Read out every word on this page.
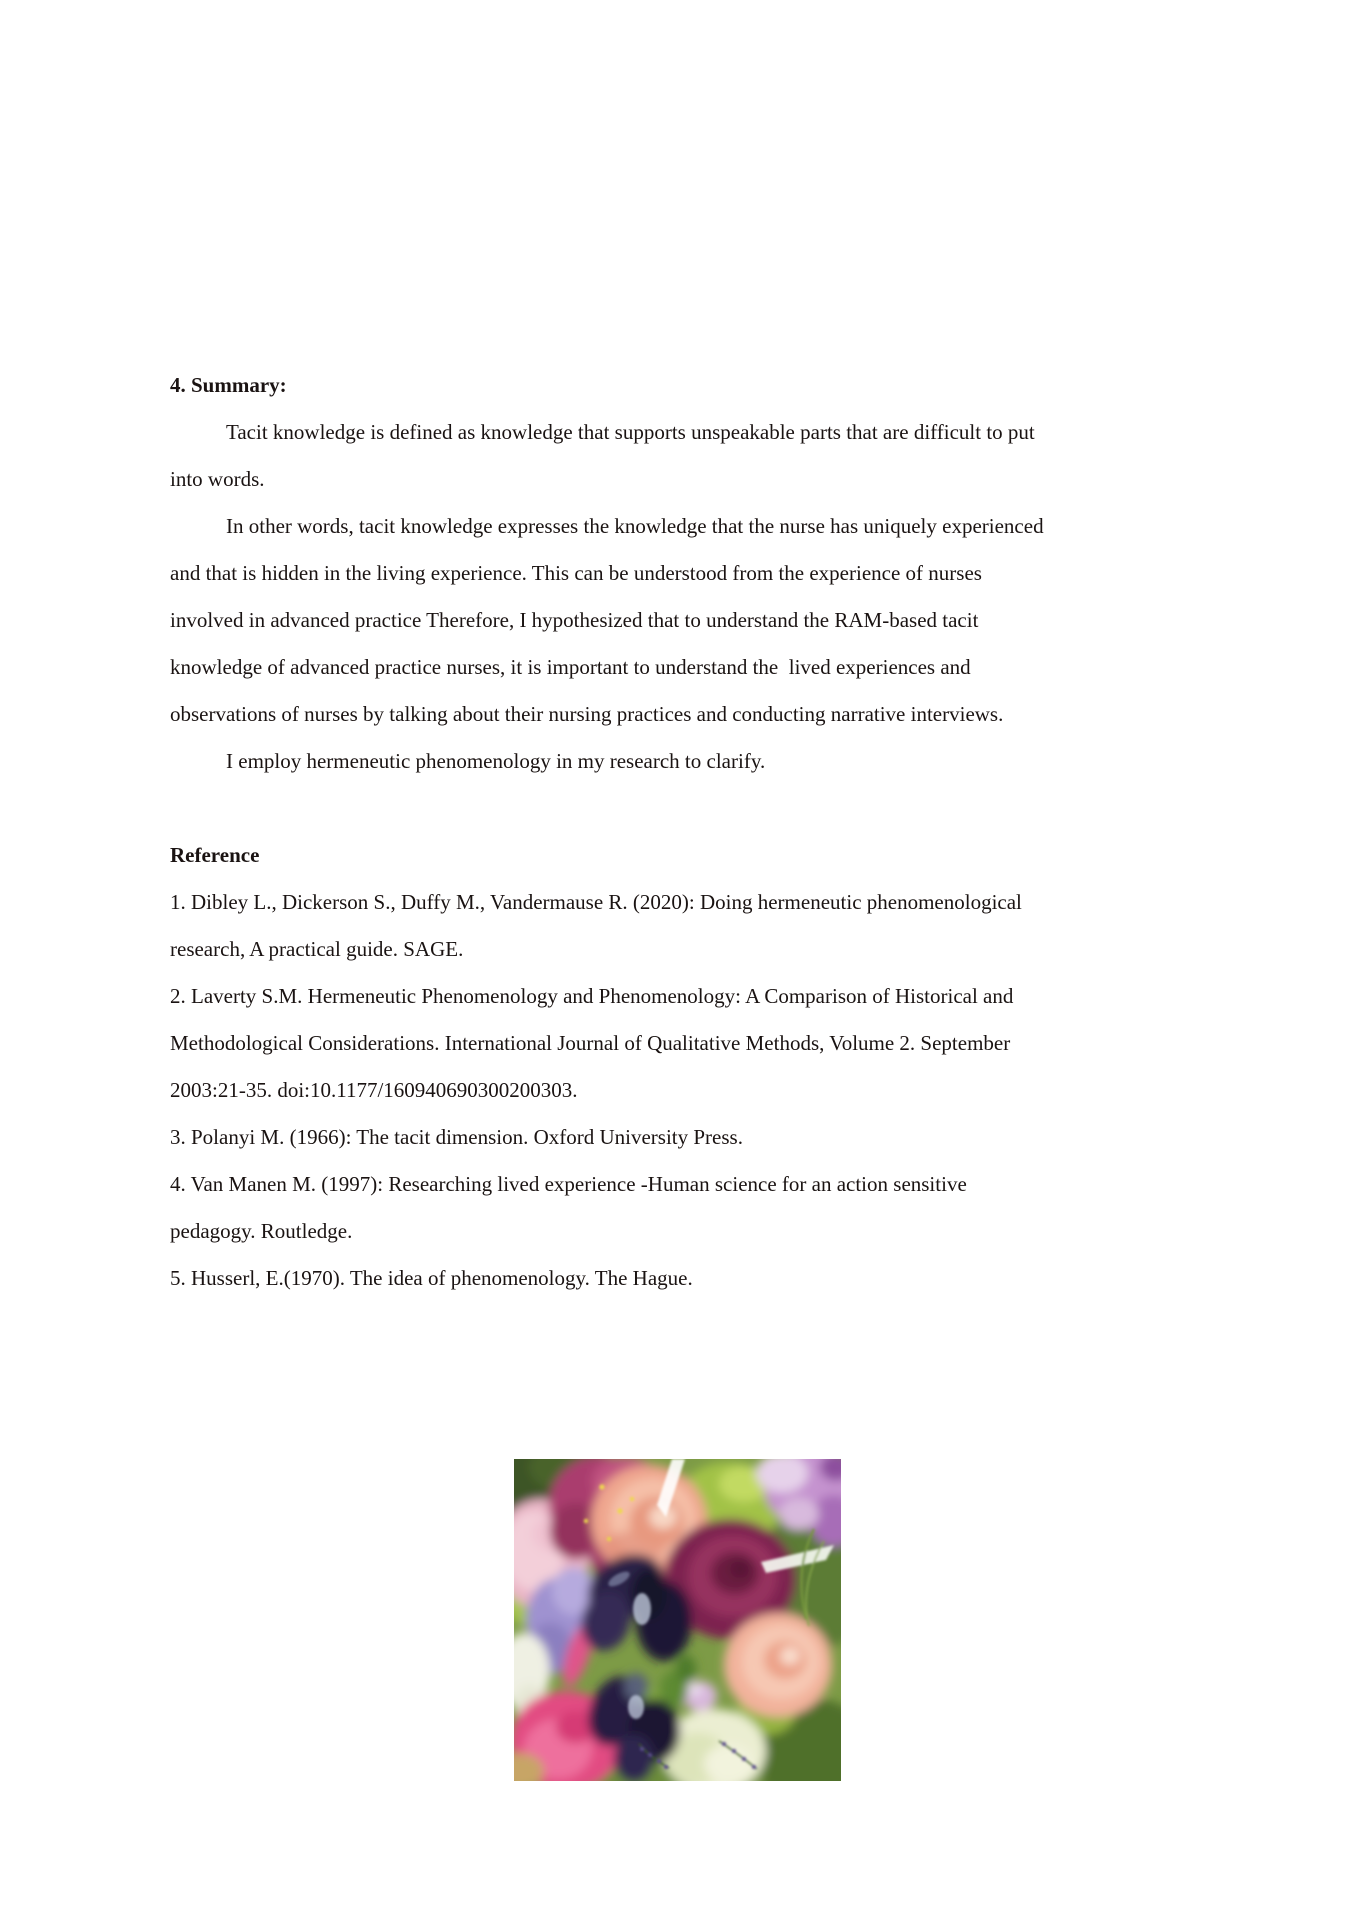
4. Summary:
Tacit knowledge is defined as knowledge that supports unspeakable parts that are difficult to put
into words.
In other words, tacit knowledge expresses the knowledge that the nurse has uniquely experienced
and that is hidden in the living experience. This can be understood from the experience of nurses
involved in advanced practice Therefore, I hypothesized that to understand the RAM-based tacit
knowledge of advanced practice nurses, it is important to understand the  lived experiences and
observations of nurses by talking about their nursing practices and conducting narrative interviews.
I employ hermeneutic phenomenology in my research to clarify.
Reference
1. Dibley L., Dickerson S., Duffy M., Vandermause R. (2020): Doing hermeneutic phenomenological
research, A practical guide. SAGE.
2. Laverty S.M. Hermeneutic Phenomenology and Phenomenology: A Comparison of Historical and
Methodological Considerations. International Journal of Qualitative Methods, Volume 2. September
2003:21-35. doi:10.1177/160940690300200303.
3. Polanyi M. (1966): The tacit dimension. Oxford University Press.
4. Van Manen M. (1997): Researching lived experience -Human science for an action sensitive
pedagogy. Routledge.
5. Husserl, E.(1970). The idea of phenomenology. The Hague.
